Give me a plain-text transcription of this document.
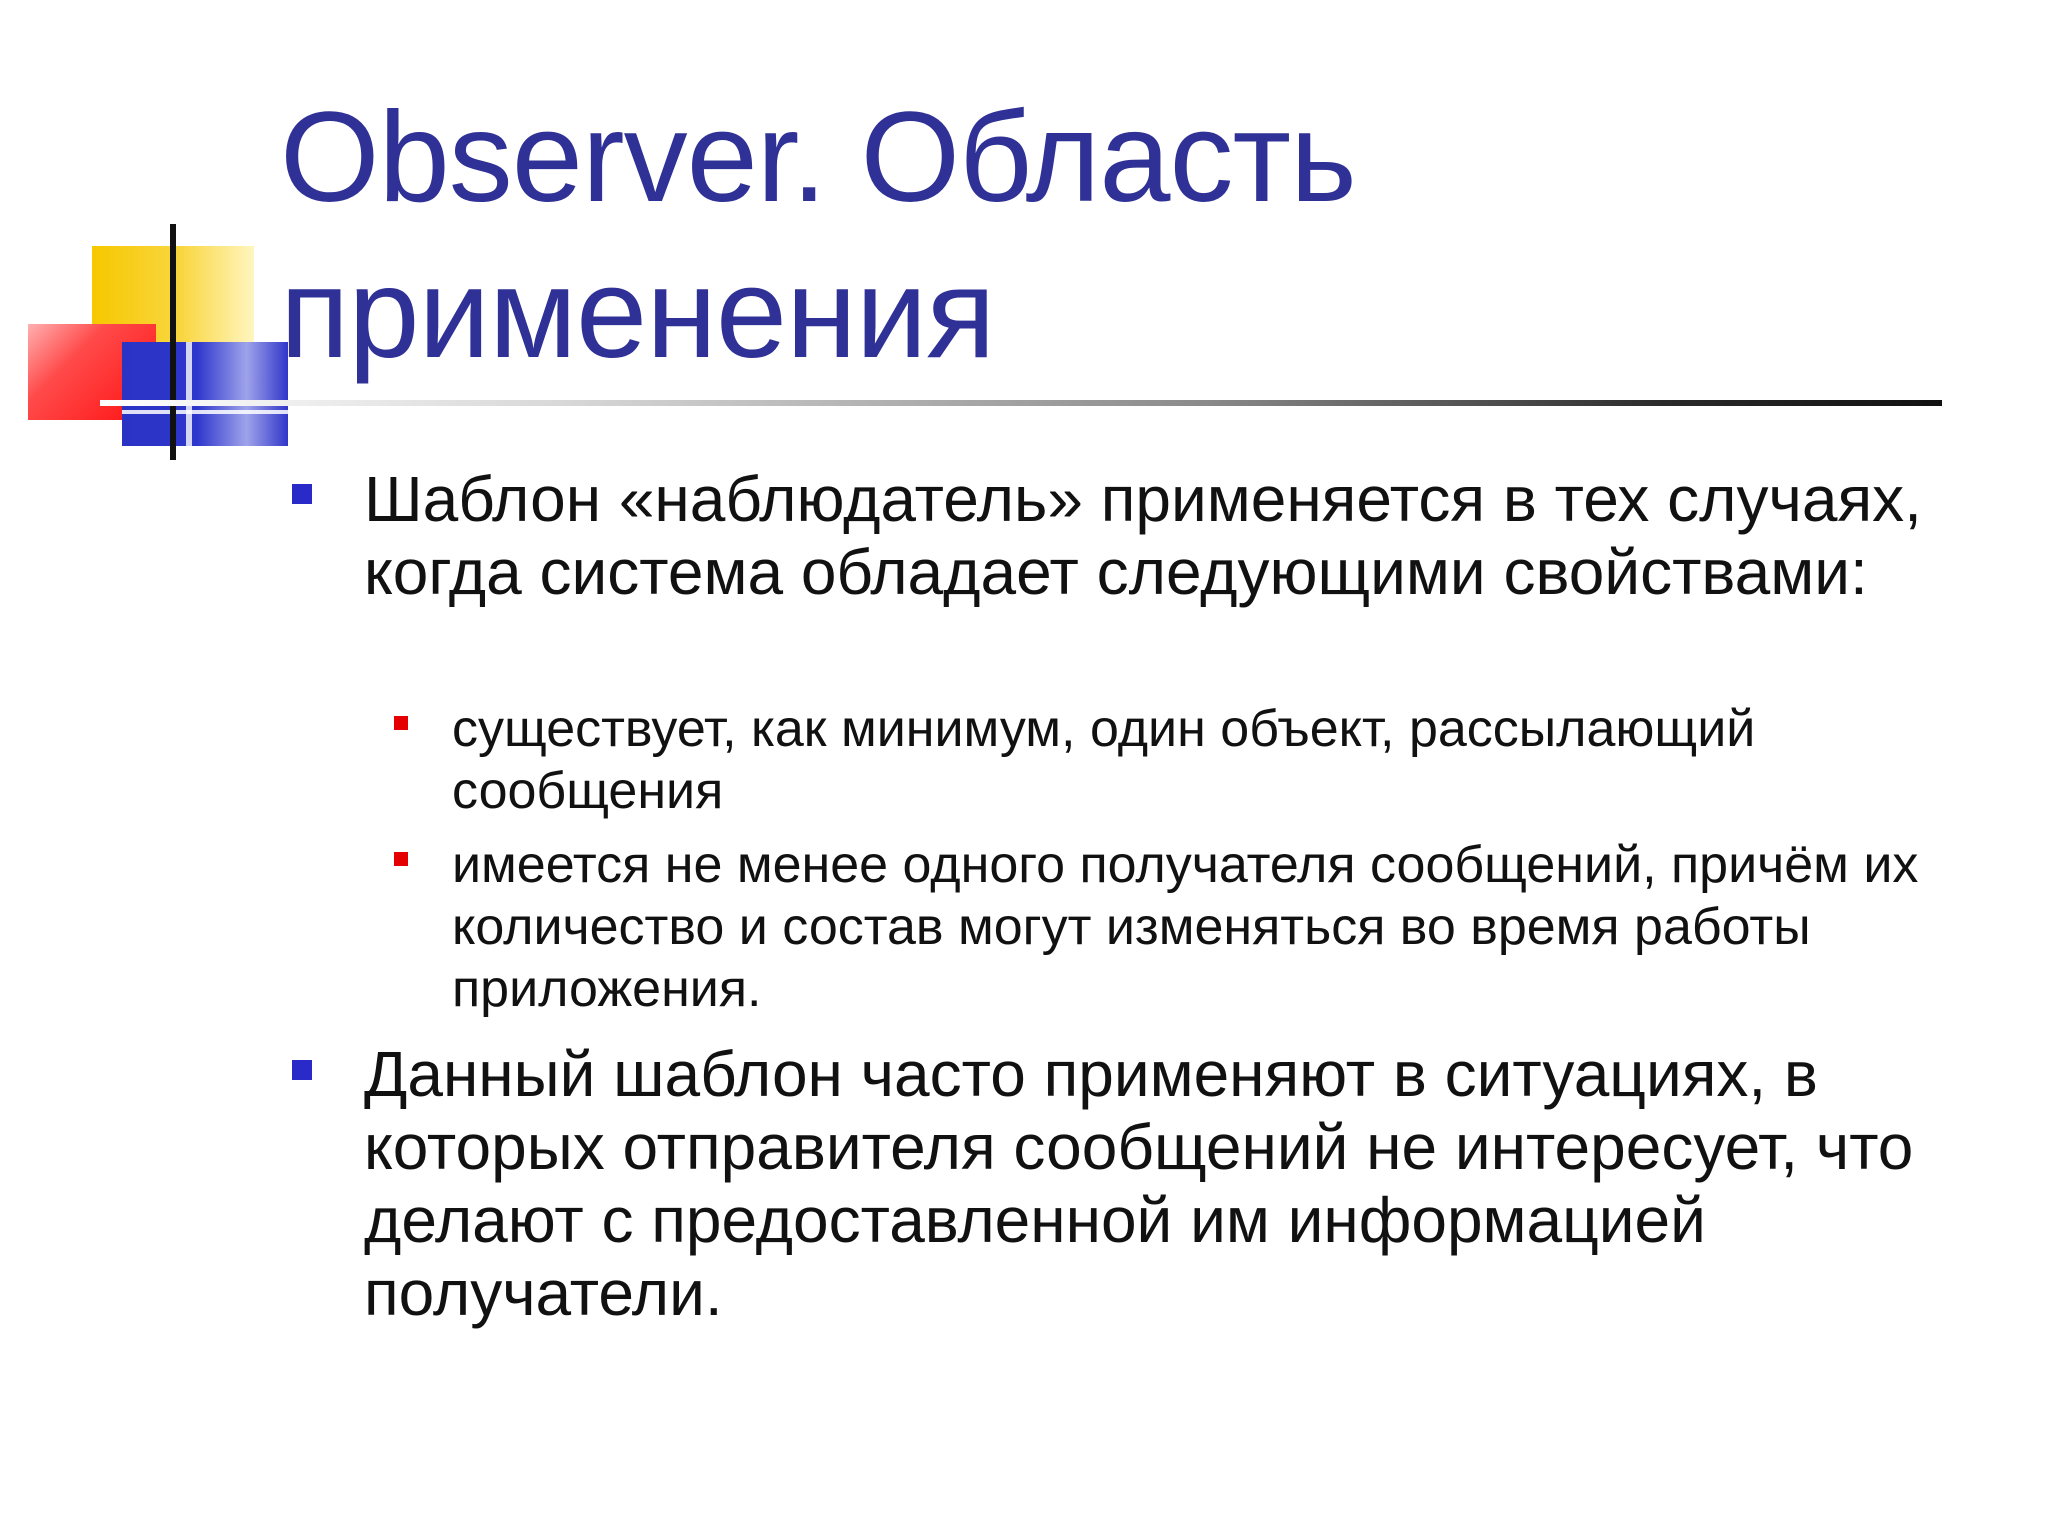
Observer. Область применения

Шаблон «наблюдатель» применяется в тех случаях, когда система обладает следующими свойствами:

существует, как минимум, один объект, рассылающий сообщения

имеется не менее одного получателя сообщений, причём их количество и состав могут изменяться во время работы приложения.

Данный шаблон часто применяют в ситуациях, в которых отправителя сообщений не интересует, что делают с предоставленной им информацией получатели.
